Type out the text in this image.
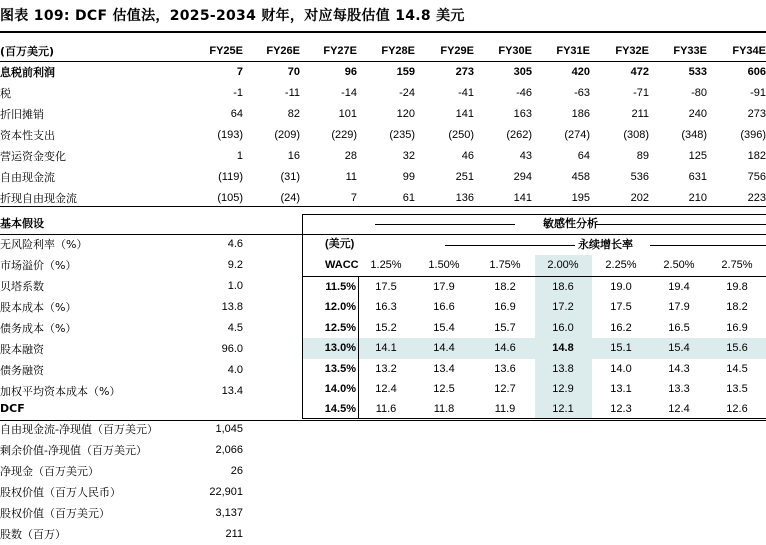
图表 109: DCF 估值法，2025-2034 财年，对应每股估值 14.8 美元
(百万美元)	FY25E	FY26E	FY27E	FY28E	FY29E	FY30E	FY31E	FY32E	FY33E	FY34E
息税前利润	7	70	96	159	273	305	420	472	533	606
税	-1	-11	-14	-24	-41	-46	-63	-71	-80	-91
折旧摊销	64	82	101	120	141	163	186	211	240	273
资本性支出	(193)	(209)	(229)	(235)	(250)	(262)	(274)	(308)	(348)	(396)
营运资金变化	1	16	28	32	46	43	64	89	125	182
自由现金流	(119)	(31)	11	99	251	294	458	536	631	756
折现自由现金流	(105)	(24)	7	61	136	141	195	202	210	223
基本假设
无风险利率（%）	4.6
市场溢价（%）	9.2
贝塔系数	1.0
股本成本（%）	13.8
债务成本（%）	4.5
股本融资	96.0
债务融资	4.0
加权平均资本成本（%）	13.4
DCF
自由现金流-净现值（百万美元）	1,045
剩余价值-净现值（百万美元）	2,066
净现金（百万美元）	26
股权价值（百万人民币）	22,901
股权价值（百万美元）	3,137
股数（百万）	211
敏感性分析
永续增长率
(美元)
WACC	1.25%	1.50%	1.75%	2.00%	2.25%	2.50%	2.75%
11.5%	17.5	17.9	18.2	18.6	19.0	19.4	19.8
12.0%	16.3	16.6	16.9	17.2	17.5	17.9	18.2
12.5%	15.2	15.4	15.7	16.0	16.2	16.5	16.9
13.0%	14.1	14.4	14.6	14.8	15.1	15.4	15.6
13.5%	13.2	13.4	13.6	13.8	14.0	14.3	14.5
14.0%	12.4	12.5	12.7	12.9	13.1	13.3	13.5
14.5%	11.6	11.8	11.9	12.1	12.3	12.4	12.6
